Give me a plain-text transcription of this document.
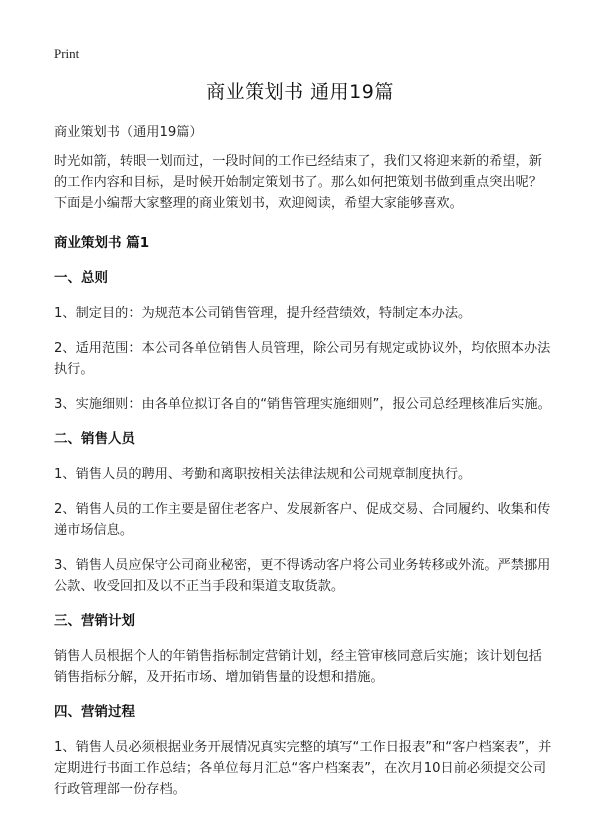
Print
商业策划书 通用19篇

商业策划书（通用19篇）

时光如箭，转眼一划而过，一段时间的工作已经结束了，我们又将迎来新的希望，新的工作内容和目标，是时候开始制定策划书了。那么如何把策划书做到重点突出呢？下面是小编帮大家整理的商业策划书，欢迎阅读，希望大家能够喜欢。

商业策划书 篇1
一、总则

1、制定目的：为规范本公司销售管理，提升经营绩效，特制定本办法。

2、适用范围：本公司各单位销售人员管理，除公司另有规定或协议外，均依照本办法执行。

3、实施细则：由各单位拟订各自的“销售管理实施细则”，报公司总经理核准后实施。

二、销售人员

1、销售人员的聘用、考勤和离职按相关法律法规和公司规章制度执行。

2、销售人员的工作主要是留住老客户、发展新客户、促成交易、合同履约、收集和传递市场信息。

3、销售人员应保守公司商业秘密，更不得诱动客户将公司业务转移或外流。严禁挪用公款、收受回扣及以不正当手段和渠道支取货款。

三、营销计划

销售人员根据个人的年销售指标制定营销计划，经主管审核同意后实施；该计划包括销售指标分解，及开拓市场、增加销售量的设想和措施。

四、营销过程

1、销售人员必须根据业务开展情况真实完整的填写“工作日报表”和“客户档案表”，并定期进行书面工作总结；各单位每月汇总“客户档案表”，在次月10日前必须提交公司行政管理部一份存档。
